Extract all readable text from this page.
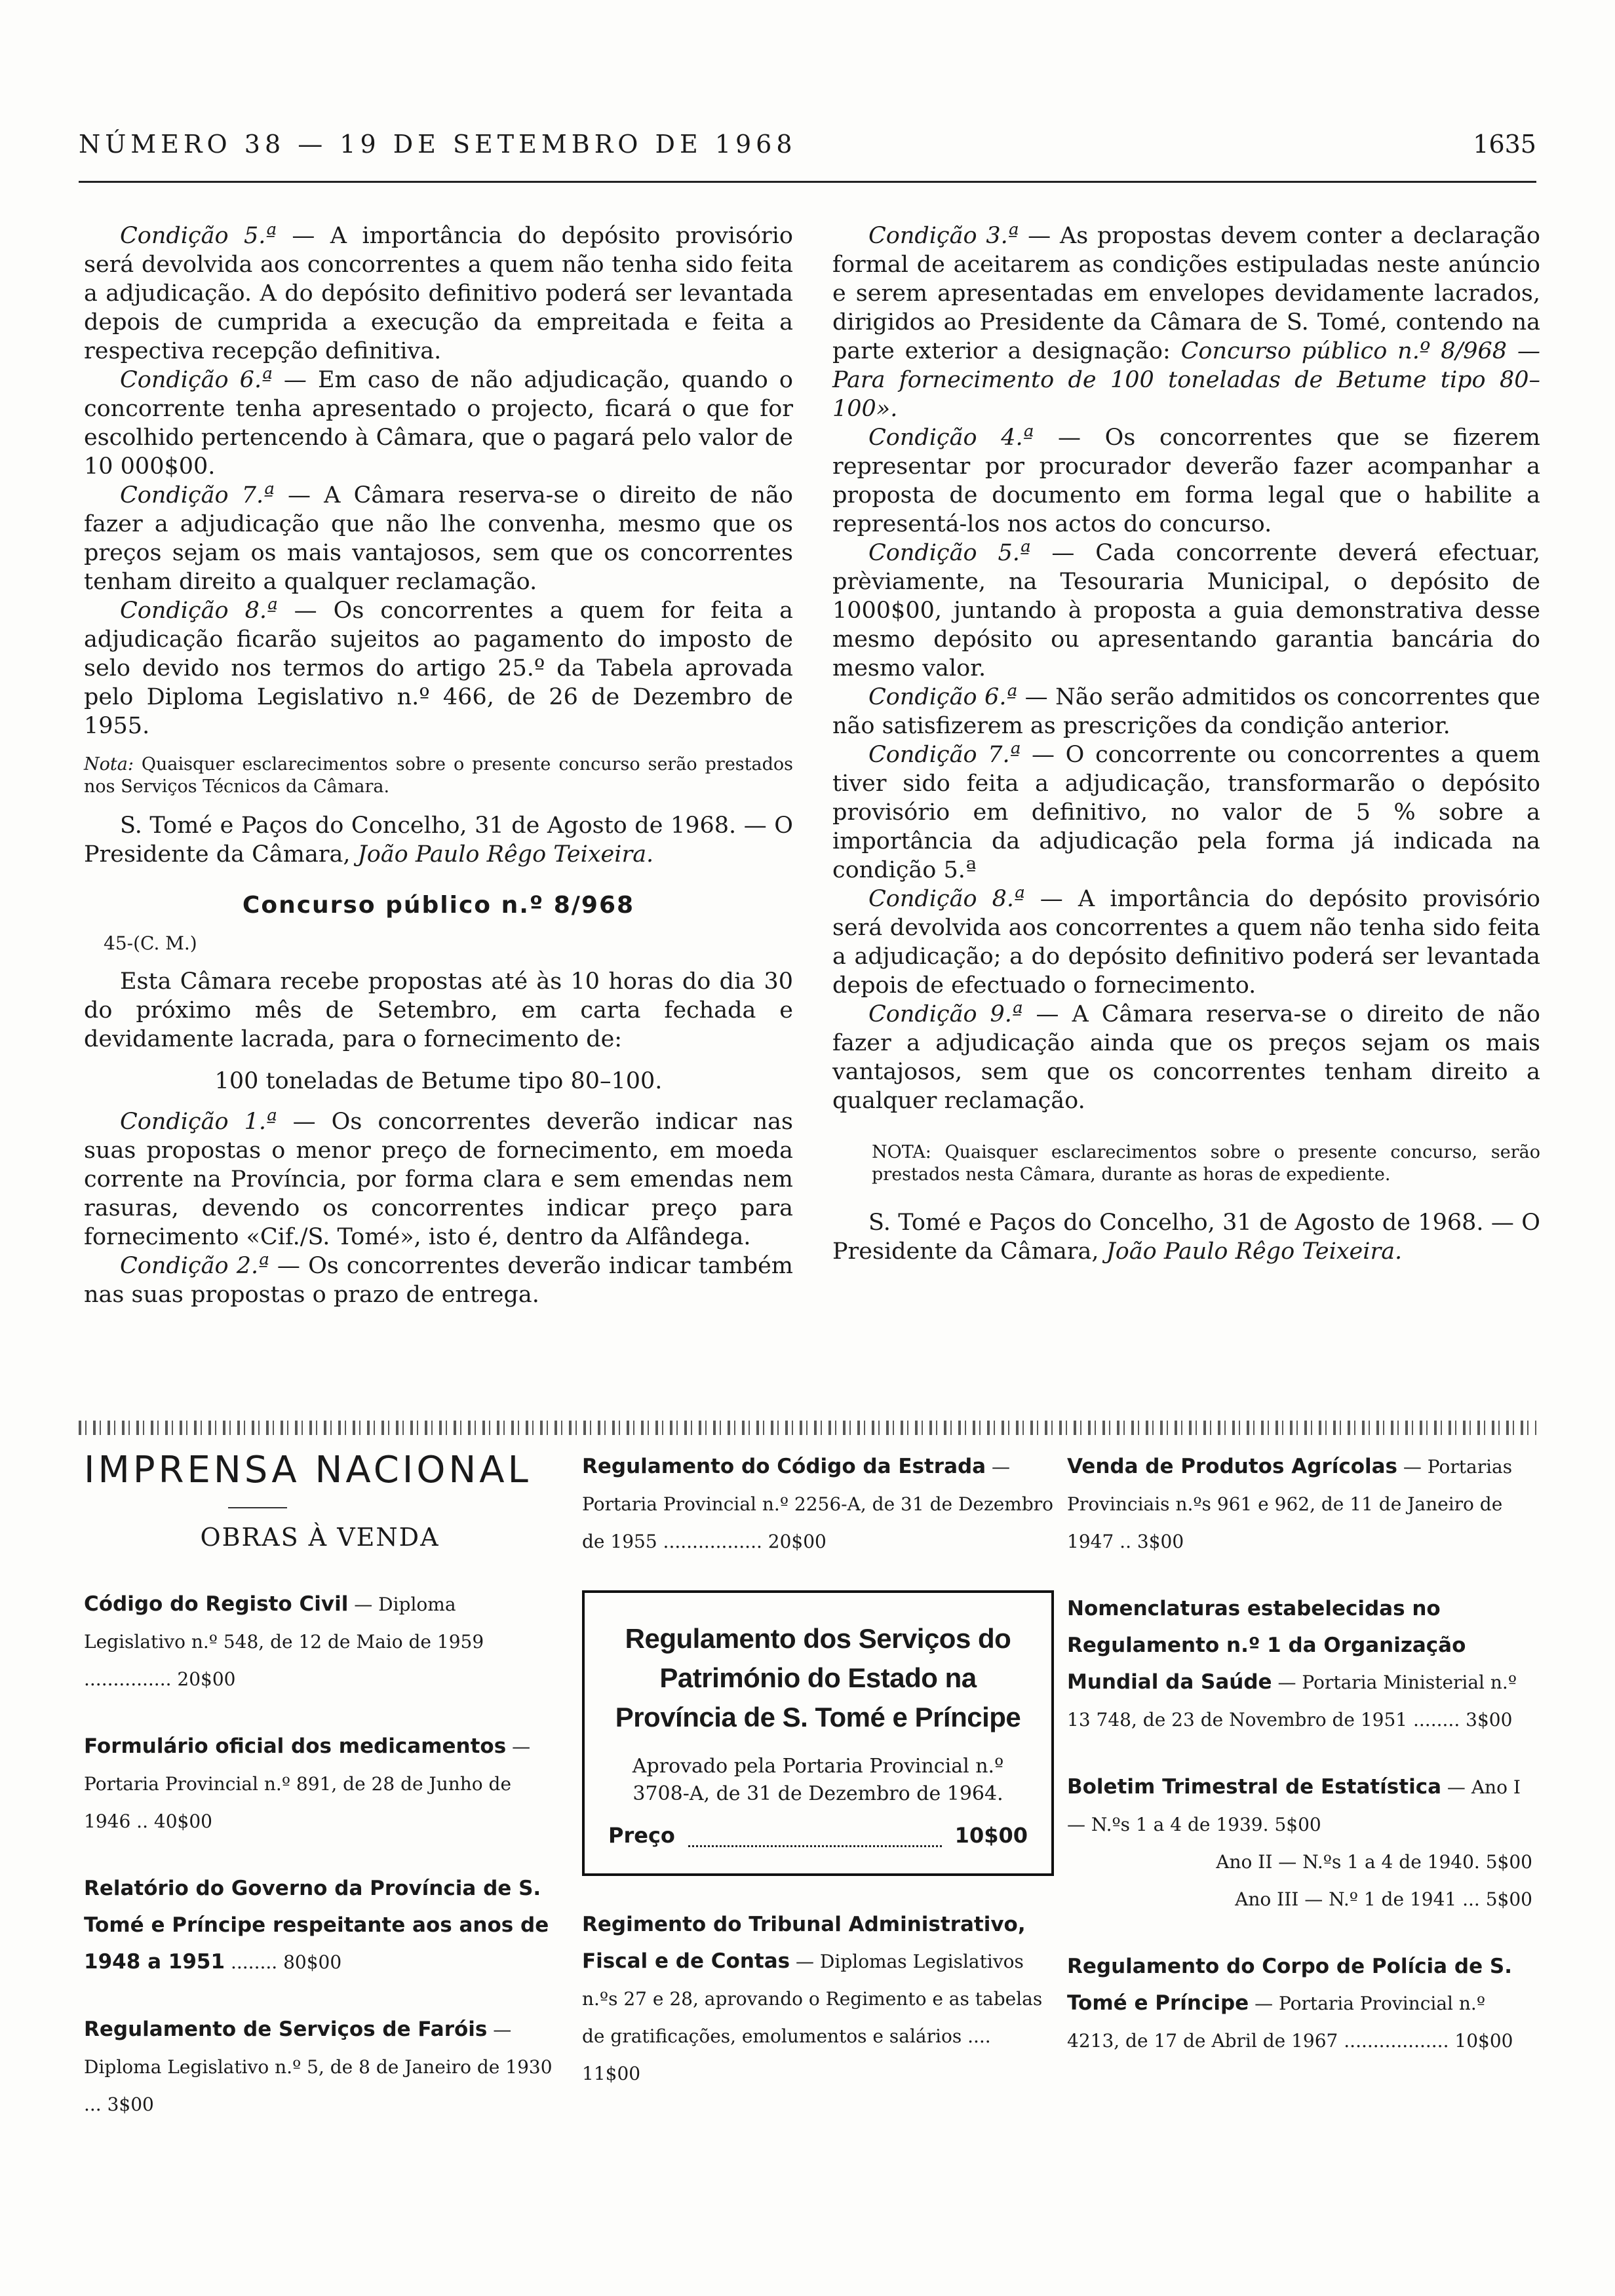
NÚMERO 38 — 19 DE SETEMBRO DE 1968	1635

Condição 5.ª — A importância do depósito provisório será devolvida aos concorrentes a quem não tenha sido feita a adjudicação. A do depósito definitivo poderá ser levantada depois de cumprida a execução da empreitada e feita a respectiva recepção definitiva.

Condição 6.ª — Em caso de não adjudicação, quando o concorrente tenha apresentado o projecto, ficará o que for escolhido pertencendo à Câmara, que o pagará pelo valor de 10 000$00.

Condição 7.ª — A Câmara reserva-se o direito de não fazer a adjudicação que não lhe convenha, mesmo que os preços sejam os mais vantajosos, sem que os concorrentes tenham direito a qualquer reclamação.

Condição 8.ª — Os concorrentes a quem for feita a adjudicação ficarão sujeitos ao pagamento do imposto de selo devido nos termos do artigo 25.º da Tabela aprovada pelo Diploma Legislativo n.º 466, de 26 de Dezembro de 1955.

Nota: Quaisquer esclarecimentos sobre o presente concurso serão prestados nos Serviços Técnicos da Câmara.

S. Tomé e Paços do Concelho, 31 de Agosto de 1968. — O Presidente da Câmara, João Paulo Rêgo Teixeira.

Concurso público n.º 8/968

45-(C. M.)

Esta Câmara recebe propostas até às 10 horas do dia 30 do próximo mês de Setembro, em carta fechada e devidamente lacrada, para o fornecimento de:

100 toneladas de Betume tipo 80–100.

Condição 1.ª — Os concorrentes deverão indicar nas suas propostas o menor preço de fornecimento, em moeda corrente na Província, por forma clara e sem emendas nem rasuras, devendo os concorrentes indicar preço para fornecimento «Cif./S. Tomé», isto é, dentro da Alfândega.

Condição 2.ª — Os concorrentes deverão indicar também nas suas propostas o prazo de entrega.

Condição 3.ª — As propostas devem conter a declaração formal de aceitarem as condições estipuladas neste anúncio e serem apresentadas em envelopes devidamente lacrados, dirigidos ao Presidente da Câmara de S. Tomé, contendo na parte exterior a designação: Concurso público n.º 8/968 — Para fornecimento de 100 toneladas de Betume tipo 80–100».

Condição 4.ª — Os concorrentes que se fizerem representar por procurador deverão fazer acompanhar a proposta de documento em forma legal que o habilite a representá-los nos actos do concurso.

Condição 5.ª — Cada concorrente deverá efectuar, prèviamente, na Tesouraria Municipal, o depósito de 1000$00, juntando à proposta a guia demonstrativa desse mesmo depósito ou apresentando garantia bancária do mesmo valor.

Condição 6.ª — Não serão admitidos os concorrentes que não satisfizerem as prescrições da condição anterior.

Condição 7.ª — O concorrente ou concorrentes a quem tiver sido feita a adjudicação, transformarão o depósito provisório em definitivo, no valor de 5 % sobre a importância da adjudicação pela forma já indicada na condição 5.ª

Condição 8.ª — A importância do depósito provisório será devolvida aos concorrentes a quem não tenha sido feita a adjudicação; a do depósito definitivo poderá ser levantada depois de efectuado o fornecimento.

Condição 9.ª — A Câmara reserva-se o direito de não fazer a adjudicação ainda que os preços sejam os mais vantajosos, sem que os concorrentes tenham direito a qualquer reclamação.

NOTA: Quaisquer esclarecimentos sobre o presente concurso, serão prestados nesta Câmara, durante as horas de expediente.

S. Tomé e Paços do Concelho, 31 de Agosto de 1968. — O Presidente da Câmara, João Paulo Rêgo Teixeira.

IMPRENSA NACIONAL
OBRAS À VENDA
Código do Registo Civil — Diploma Legislativo n.º 548, de 12 de Maio de 1959 ............... 20$00
Formulário oficial dos medicamentos — Portaria Provincial n.º 891, de 28 de Junho de 1946 .. 40$00
Relatório do Governo da Província de S. Tomé e Príncipe respeitante aos anos de 1948 a 1951 ........ 80$00
Regulamento de Serviços de Faróis — Diploma Legislativo n.º 5, de 8 de Janeiro de 1930 ... 3$00
Regulamento do Código da Estrada — Portaria Provincial n.º 2256-A, de 31 de Dezembro de 1955 ................. 20$00
Regulamento dos Serviços do Património do Estado na Província de S. Tomé e Príncipe
Aprovado pela Portaria Provincial n.º 3708-A, de 31 de Dezembro de 1964.
Preço	10$00
Regimento do Tribunal Administrativo, Fiscal e de Contas — Diplomas Legislativos n.ºs 27 e 28, aprovando o Regimento e as tabelas de gratificações, emolumentos e salários .... 11$00
Venda de Produtos Agrícolas — Portarias Provinciais n.ºs 961 e 962, de 11 de Janeiro de 1947 .. 3$00
Nomenclaturas estabelecidas no Regulamento n.º 1 da Organização Mundial da Saúde — Portaria Ministerial n.º 13 748, de 23 de Novembro de 1951 ........ 3$00
Boletim Trimestral de Estatística — Ano I — N.ºs 1 a 4 de 1939. 5$00
Ano II — N.ºs 1 a 4 de 1940. 5$00
Ano III — N.º 1 de 1941 ... 5$00
Regulamento do Corpo de Polícia de S. Tomé e Príncipe — Portaria Provincial n.º 4213, de 17 de Abril de 1967 .................. 10$00
